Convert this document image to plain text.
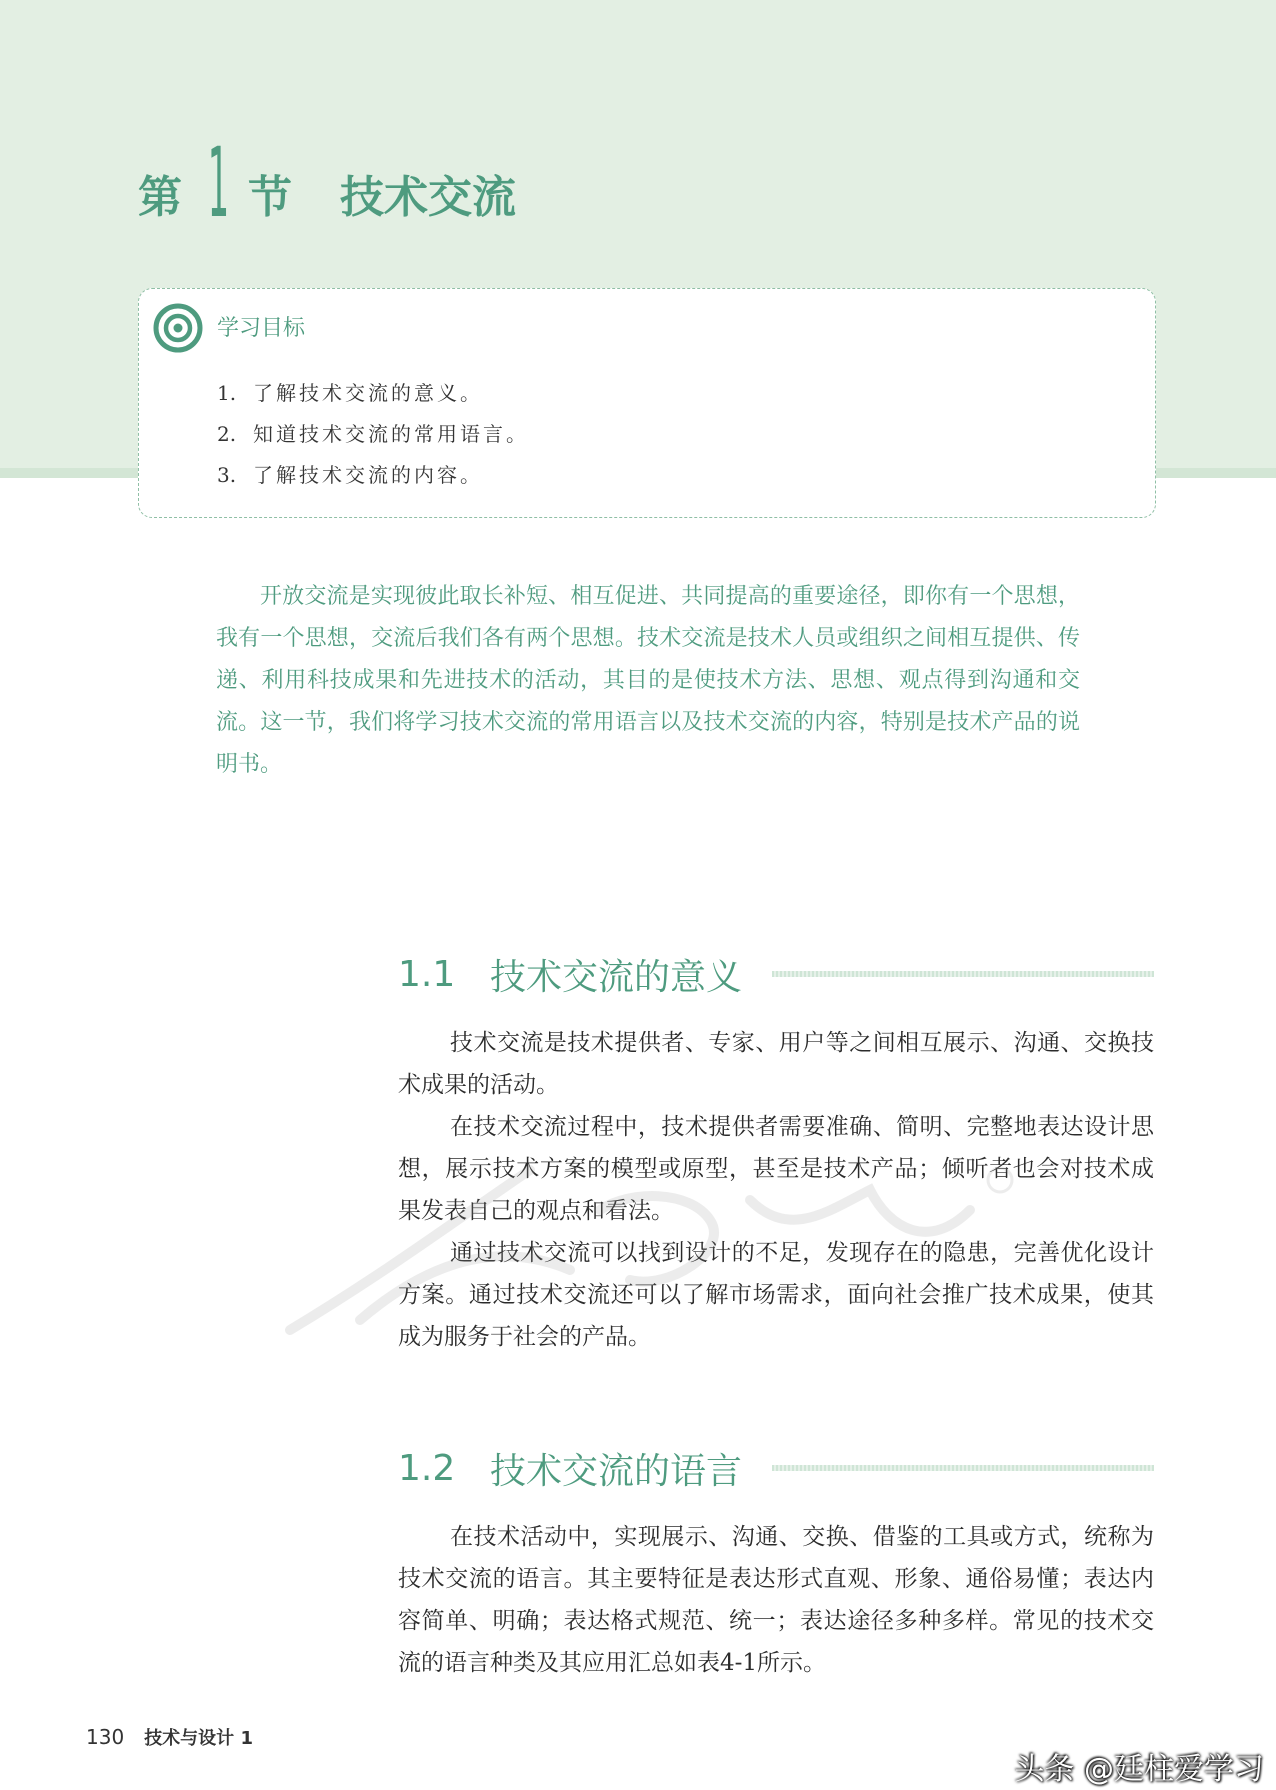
第 1 节 技术交流
学习目标
1. 了解技术交流的意义。
2. 知道技术交流的常用语言。
3. 了解技术交流的内容。

开放交流是实现彼此取长补短、相互促进、共同提高的重要途径，即你有一个思想，我有一个思想，交流后我们各有两个思想。技术交流是技术人员或组织之间相互提供、传递、利用科技成果和先进技术的活动，其目的是使技术方法、思想、观点得到沟通和交流。这一节，我们将学习技术交流的常用语言以及技术交流的内容，特别是技术产品的说明书。

1.1 技术交流的意义

技术交流是技术提供者、专家、用户等之间相互展示、沟通、交换技术成果的活动。

在技术交流过程中，技术提供者需要准确、简明、完整地表达设计思想，展示技术方案的模型或原型，甚至是技术产品；倾听者也会对技术成果发表自己的观点和看法。

通过技术交流可以找到设计的不足，发现存在的隐患，完善优化设计方案。通过技术交流还可以了解市场需求，面向社会推广技术成果，使其成为服务于社会的产品。

1.2 技术交流的语言

在技术活动中，实现展示、沟通、交换、借鉴的工具或方式，统称为技术交流的语言。其主要特征是表达形式直观、形象、通俗易懂；表达内容简单、明确；表达格式规范、统一；表达途径多种多样。常见的技术交流的语言种类及其应用汇总如表4-1所示。

130 技术与设计 1
头条 @廷柱爱学习
